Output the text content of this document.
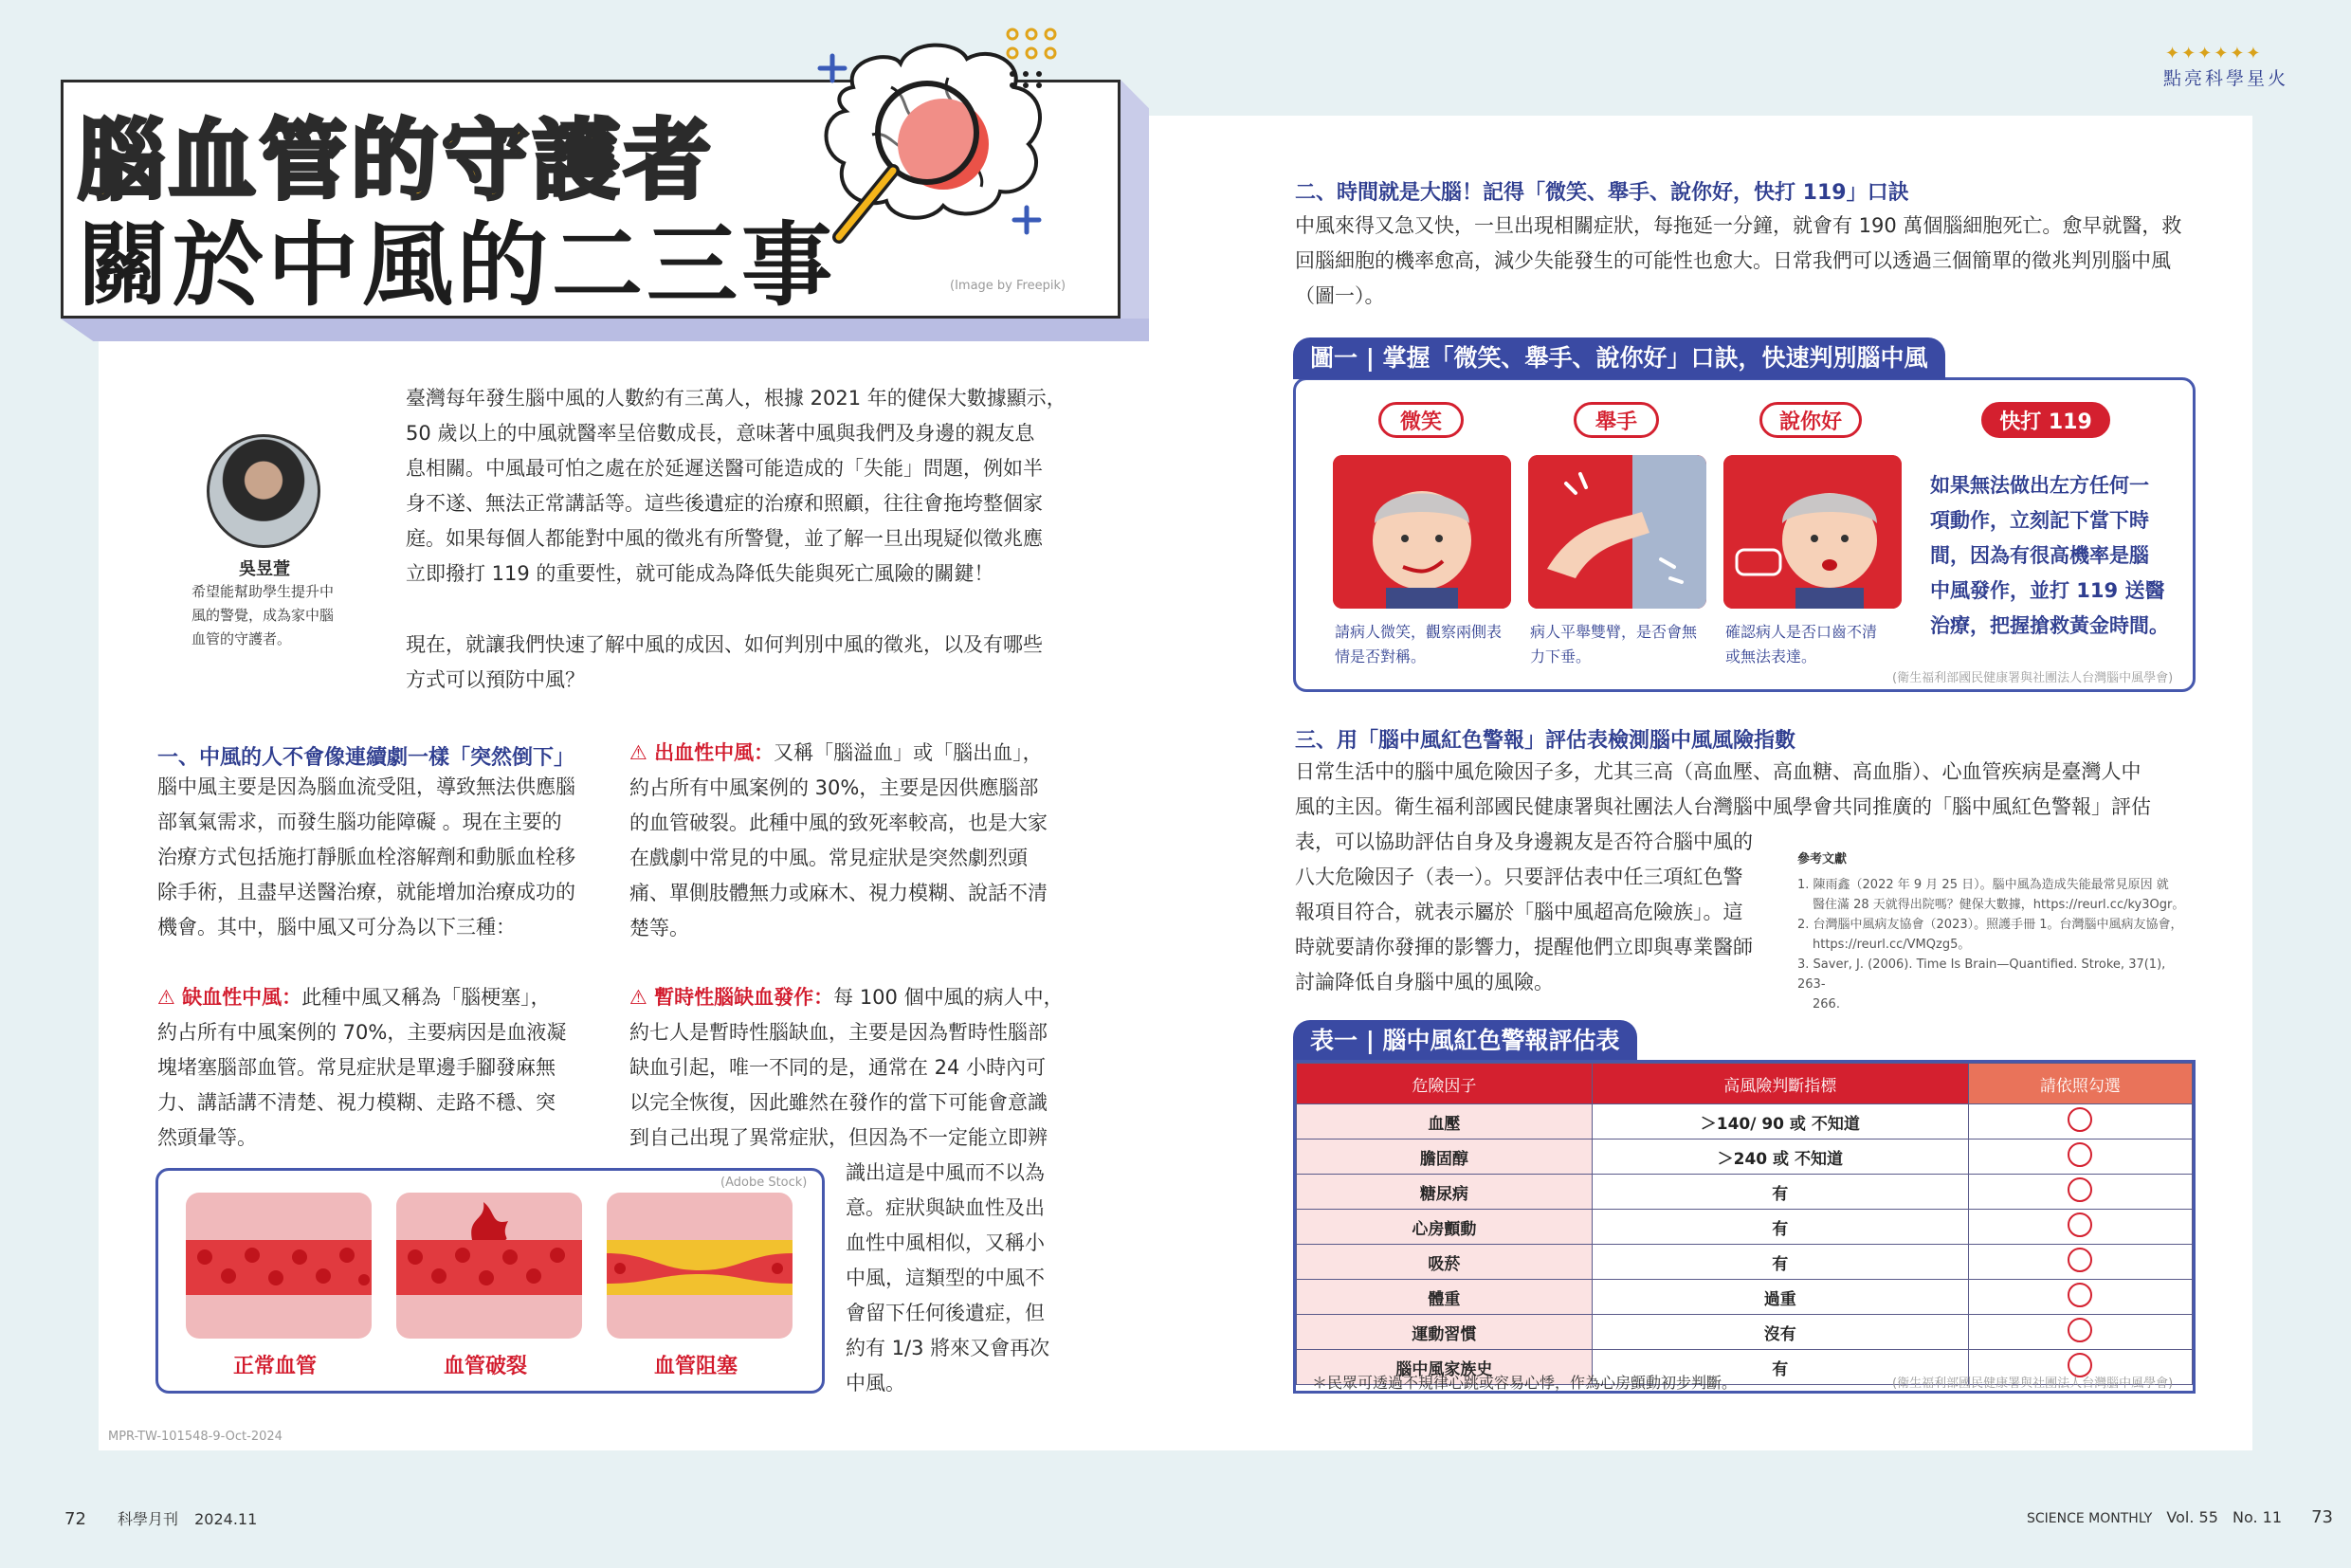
✦✦✦✦✦✦
點亮科學星火
腦血管的守護者
關於中風的二三事	(Image by Freepik)
吳昱萱
希望能幫助學生提升中
風的警覺，成為家中腦
血管的守護者。
臺灣每年發生腦中風的人數約有三萬人，根據 2021 年的健保大數據顯示，
50 歲以上的中風就醫率呈倍數成長，意味著中風與我們及身邊的親友息
息相關。中風最可怕之處在於延遲送醫可能造成的「失能」問題，例如半
身不遂、無法正常講話等。這些後遺症的治療和照顧，往往會拖垮整個家
庭。如果每個人都能對中風的徵兆有所警覺，並了解一旦出現疑似徵兆應
立即撥打 119 的重要性，就可能成為降低失能與死亡風險的關鍵！
現在，就讓我們快速了解中風的成因、如何判別中風的徵兆，以及有哪些
方式可以預防中風？
一、中風的人不會像連續劇一樣「突然倒下」
腦中風主要是因為腦血流受阻，導致無法供應腦
部氧氣需求，而發生腦功能障礙 。現在主要的
治療方式包括施打靜脈血栓溶解劑和動脈血栓移
除手術，且盡早送醫治療，就能增加治療成功的
機會。其中，腦中風又可分為以下三種：
⚠ 缺血性中風：此種中風又稱為「腦梗塞」，
約占所有中風案例的 70%，主要病因是血液凝
塊堵塞腦部血管。常見症狀是單邊手腳發麻無
力、講話講不清楚、視力模糊、走路不穩、突
然頭暈等。
⚠ 出血性中風：又稱「腦溢血」或「腦出血」，
約占所有中風案例的 30%，主要是因供應腦部
的血管破裂。此種中風的致死率較高，也是大家
在戲劇中常見的中風。常見症狀是突然劇烈頭
痛、單側肢體無力或麻木、視力模糊、說話不清
楚等。
⚠ 暫時性腦缺血發作：每 100 個中風的病人中，
約七人是暫時性腦缺血，主要是因為暫時性腦部
缺血引起，唯一不同的是，通常在 24 小時內可
以完全恢復，因此雖然在發作的當下可能會意識
到自己出現了異常症狀，但因為不一定能立即辨
識出這是中風而不以為
意。症狀與缺血性及出
血性中風相似，又稱小
中風，這類型的中風不
會留下任何後遺症，但
約有 1/3 將來又會再次
中風。
(Adobe Stock)
正常血管	血管破裂	血管阻塞
二、時間就是大腦！記得「微笑、舉手、說你好，快打 119」口訣
中風來得又急又快，一旦出現相關症狀，每拖延一分鐘，就會有 190 萬個腦細胞死亡。愈早就醫，救
回腦細胞的機率愈高，減少失能發生的可能性也愈大。日常我們可以透過三個簡單的徵兆判別腦中風
（圖一）。
圖一 | 掌握「微笑、舉手、說你好」口訣，快速判別腦中風
微笑	舉手	說你好	快打 119
請病人微笑，觀察兩側表
情是否對稱。
病人平舉雙臂，是否會無
力下垂。
確認病人是否口齒不清
或無法表達。
如果無法做出左方任何一
項動作，立刻記下當下時
間，因為有很高機率是腦
中風發作，並打 119 送醫
治療，把握搶救黃金時間。
(衛生福利部國民健康署與社團法人台灣腦中風學會)
三、用「腦中風紅色警報」評估表檢測腦中風風險指數
日常生活中的腦中風危險因子多，尤其三高（高血壓、高血糖、高血脂）、心血管疾病是臺灣人中
風的主因。衛生福利部國民健康署與社團法人台灣腦中風學會共同推廣的「腦中風紅色警報」評估
表，可以協助評估自身及身邊親友是否符合腦中風的
八大危險因子（表一）。只要評估表中任三項紅色警
報項目符合，就表示屬於「腦中風超高危險族」。這
時就要請你發揮的影響力，提醒他們立即與專業醫師
討論降低自身腦中風的風險。
參考文獻
1. 陳雨鑫（2022 年 9 月 25 日）。腦中風為造成失能最常見原因 就
醫住滿 28 天就得出院嗎？健保大數據，https://reurl.cc/ky3Ogr。
2. 台灣腦中風病友協會（2023）。照護手冊 1。台灣腦中風病友協會，
https://reurl.cc/VMQzg5。
3. Saver, J. (2006). Time Is Brain—Quantified. Stroke, 37(1), 263-
266.
表一 | 腦中風紅色警報評估表
危險因子	高風險判斷指標	請依照勾選
血壓	＞140/ 90 或 不知道	
膽固醇	＞240 或 不知道	
糖尿病	有	
心房顫動	有	
吸菸	有	
體重	過重	
運動習慣	沒有	
腦中風家族史	有	
＊民眾可透過不規律心跳或容易心悸，作為心房顫動初步判斷。	(衛生福利部國民健康署與社團法人台灣腦中風學會)
MPR-TW-101548-9-Oct-2024
72 科學月刊 2024.11	SCIENCE MONTHLY Vol. 55 No. 11 73
